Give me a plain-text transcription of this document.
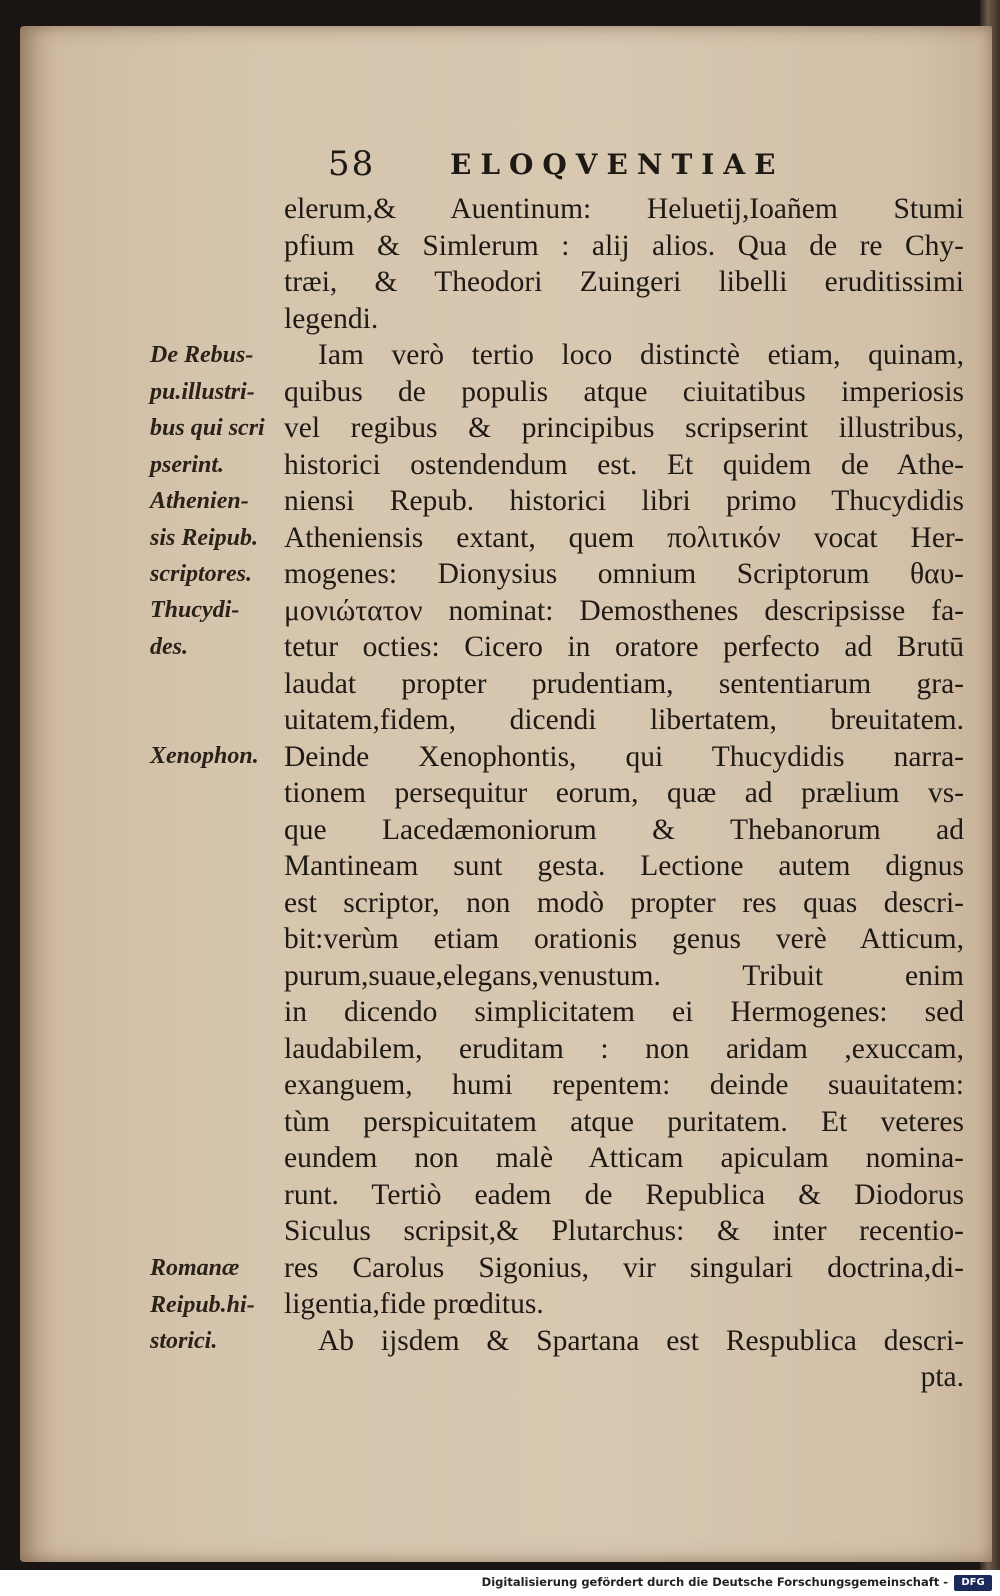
58	ELOQVENTIAE
elerum,& Auentinum: Heluetij,Ioañem Stumi
pfium & Simlerum : alij alios. Qua de re Chy-
træi, & Theodori Zuingeri libelli eruditissimi
legendi.
Iam verò tertio loco distinctè etiam, quinam,
quibus de populis atque ciuitatibus imperiosis
vel regibus & principibus scripserint illustribus,
historici ostendendum est. Et quidem de Athe-
niensi Repub. historici libri primo Thucydidis
Atheniensis extant, quem πολιτικόν vocat Her-
mogenes: Dionysius omnium Scriptorum θαυ-
μονιώτατον nominat: Demosthenes descripsisse fa-
tetur octies: Cicero in oratore perfecto ad Brutū
laudat propter prudentiam, sententiarum gra-
uitatem,fidem, dicendi libertatem, breuitatem.
Deinde Xenophontis, qui Thucydidis narra-
tionem persequitur eorum, quæ ad prælium vs-
que Lacedæmoniorum & Thebanorum ad
Mantineam sunt gesta. Lectione autem dignus
est scriptor, non modò propter res quas descri-
bit:verùm etiam orationis genus verè Atticum,
purum,suaue,elegans,venustum. Tribuit enim
in dicendo simplicitatem ei Hermogenes: sed
laudabilem, eruditam : non aridam ,exuccam,
exanguem, humi repentem: deinde suauitatem:
tùm perspicuitatem atque puritatem. Et veteres
eundem non malè Atticam apiculam nomina-
runt. Tertiò eadem de Republica & Diodorus
Siculus scripsit,& Plutarchus: & inter recentio-
res Carolus Sigonius, vir singulari doctrina,di-
ligentia,fide prœditus.
Ab ijsdem & Spartana est Respublica descri-
pta.
De Rebus-
pu.illustri-
bus qui scri
pserint.
Athenien-
sis Reipub.
scriptores.
Thucydi-
des.
Xenophon.
Romanæ
Reipub.hi-
storici.
Digitalisierung gefördert durch die Deutsche Forschungsgemeinschaft -	DFG
